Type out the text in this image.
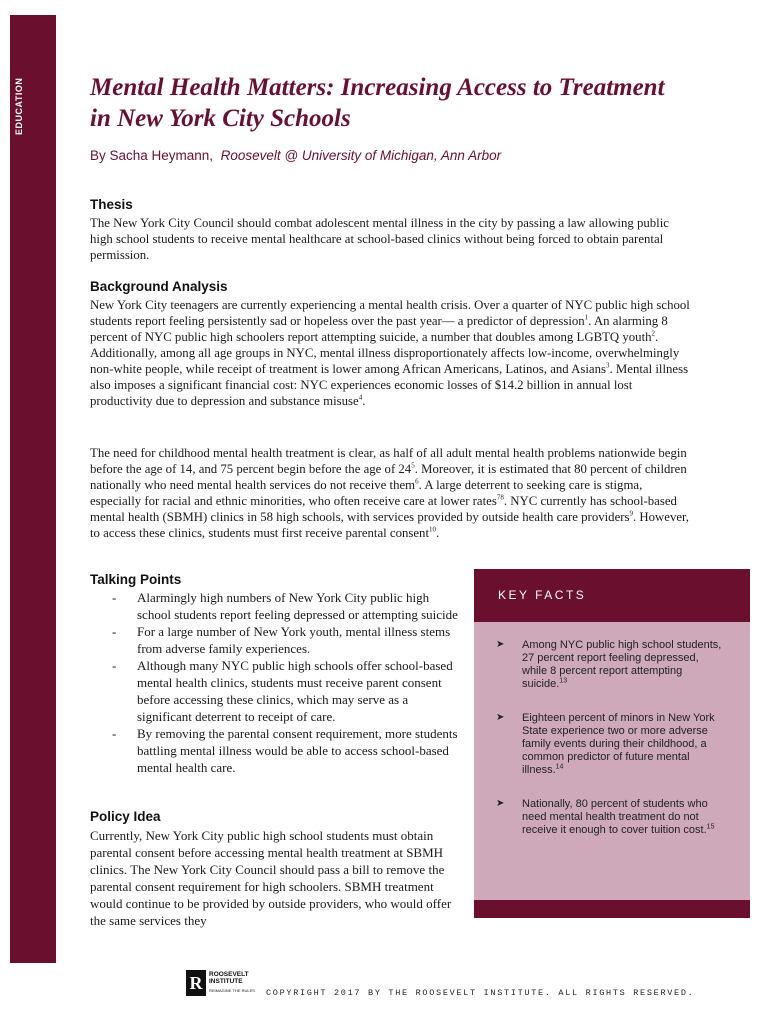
EDUCATION	Mental Health Matters: Increasing Access to Treatment in New York City Schools
By Sacha Heymann, Roosevelt @ University of Michigan, Ann Arbor
Thesis

The New York City Council should combat adolescent mental illness in the city by passing a law allowing public high school students to receive mental healthcare at school-based clinics without being forced to obtain parental permission.

Background Analysis

New York City teenagers are currently experiencing a mental health crisis. Over a quarter of NYC public high school students report feeling persistently sad or hopeless over the past year— a predictor of depression$^1$. An alarming 8 percent of NYC public high schoolers report attempting suicide, a number that doubles among LGBTQ youth$^2$. Additionally, among all age groups in NYC, mental illness disproportionately affects low-income, overwhelmingly non-white people, while receipt of treatment is lower among African Americans, Latinos, and Asians$^3$. Mental illness also imposes a significant financial cost: NYC experiences economic losses of $14.2 billion in annual lost productivity due to depression and substance misuse$^4$.

The need for childhood mental health treatment is clear, as half of all adult mental health problems nationwide begin before the age of 14, and 75 percent begin before the age of $24^5$. Moreover, it is estimated that 80 percent of children nationally who need mental health services do not receive them$^6$. A large deterrent to seeking care is stigma, especially for racial and ethnic minorities, who often receive care at lower rates$^{78}$. NYC currently has school-based mental health (SBMH) clinics in 58 high schools, with services provided by outside health care providers$^9$. However, to access these clinics, students must first receive parental consent$^{10}$.

Talking Points
- Alarmingly high numbers of New York City public high school students report feeling depressed or attempting suicide
- For a large number of New York youth, mental illness stems from adverse family experiences.
- Although many NYC public high schools offer school-based mental health clinics, students must receive parent consent before accessing these clinics, which may serve as a significant deterrent to receipt of care.
- By removing the parental consent requirement, more students battling mental illness would be able to access school-based mental health care.
Policy Idea

Currently, New York City public high school students must obtain parental consent before accessing mental health treatment at SBMH clinics. The New York City Council should pass a bill to remove the parental consent requirement for high schoolers. SBMH treatment would continue to be provided by outside providers, who would offer the same services they

KEY FACTS
➤ Among NYC public high school students, 27 percent report feeling depressed, while 8 percent report attempting suicide.$^{13}$
➤ Eighteen percent of minors in New York State experience two or more adverse family events during their childhood, a common predictor of future mental illness.$^{14}$
➤ Nationally, 80 percent of students who need mental health treatment do not receive it enough to cover tuition cost.$^{15}$
R	ROOSEVELT
INSTITUTE
REIMAGINE THE RULES COPYRIGHT 2017 BY THE ROOSEVELT INSTITUTE. ALL RIGHTS RESERVED.
